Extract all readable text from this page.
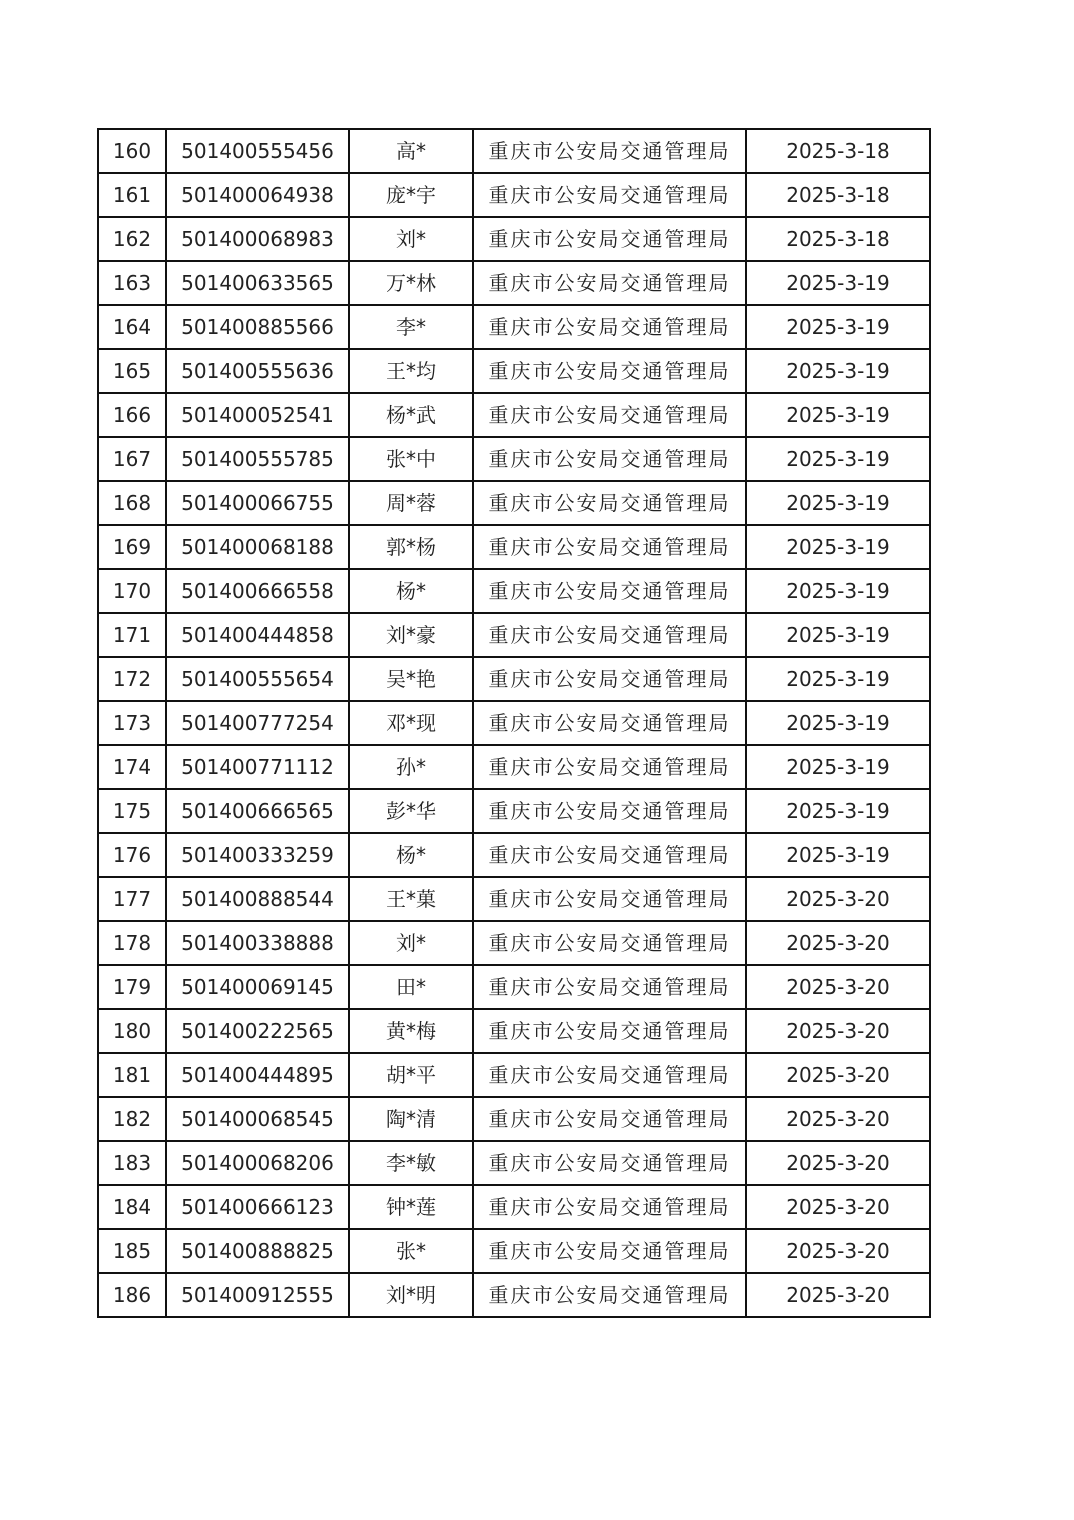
160	501400555456	高*	重庆市公安局交通管理局	2025-3-18
161	501400064938	庞*宇	重庆市公安局交通管理局	2025-3-18
162	501400068983	刘*	重庆市公安局交通管理局	2025-3-18
163	501400633565	万*林	重庆市公安局交通管理局	2025-3-19
164	501400885566	李*	重庆市公安局交通管理局	2025-3-19
165	501400555636	王*均	重庆市公安局交通管理局	2025-3-19
166	501400052541	杨*武	重庆市公安局交通管理局	2025-3-19
167	501400555785	张*中	重庆市公安局交通管理局	2025-3-19
168	501400066755	周*蓉	重庆市公安局交通管理局	2025-3-19
169	501400068188	郭*杨	重庆市公安局交通管理局	2025-3-19
170	501400666558	杨*	重庆市公安局交通管理局	2025-3-19
171	501400444858	刘*豪	重庆市公安局交通管理局	2025-3-19
172	501400555654	吴*艳	重庆市公安局交通管理局	2025-3-19
173	501400777254	邓*现	重庆市公安局交通管理局	2025-3-19
174	501400771112	孙*	重庆市公安局交通管理局	2025-3-19
175	501400666565	彭*华	重庆市公安局交通管理局	2025-3-19
176	501400333259	杨*	重庆市公安局交通管理局	2025-3-19
177	501400888544	王*菓	重庆市公安局交通管理局	2025-3-20
178	501400338888	刘*	重庆市公安局交通管理局	2025-3-20
179	501400069145	田*	重庆市公安局交通管理局	2025-3-20
180	501400222565	黄*梅	重庆市公安局交通管理局	2025-3-20
181	501400444895	胡*平	重庆市公安局交通管理局	2025-3-20
182	501400068545	陶*清	重庆市公安局交通管理局	2025-3-20
183	501400068206	李*敏	重庆市公安局交通管理局	2025-3-20
184	501400666123	钟*莲	重庆市公安局交通管理局	2025-3-20
185	501400888825	张*	重庆市公安局交通管理局	2025-3-20
186	501400912555	刘*明	重庆市公安局交通管理局	2025-3-20
